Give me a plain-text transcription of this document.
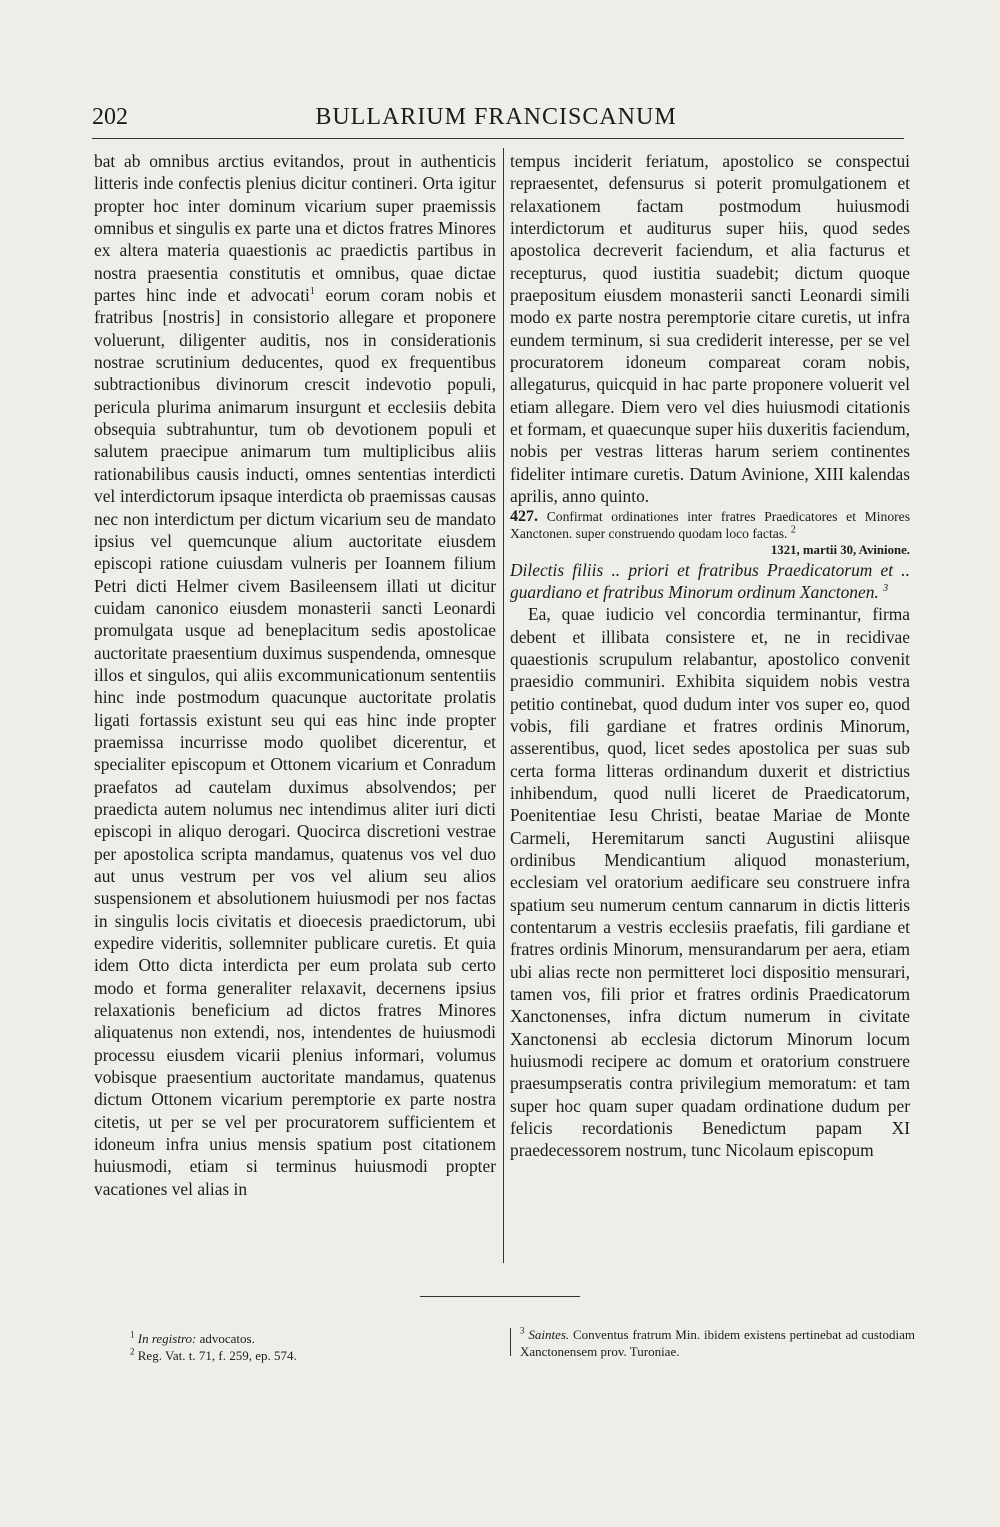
202	BULLARIUM FRANCISCANUM

bat ab omnibus arctius evitandos, prout in authenticis litteris inde confectis plenius dicitur contineri. Orta igitur propter hoc inter dominum vicarium super praemissis omnibus et singulis ex parte una et dictos fratres Minores ex altera materia quaestionis ac praedictis partibus in nostra praesentia constitutis et omnibus, quae dictae partes hinc inde et advocati$^1$ eorum coram nobis et fratribus [nostris] in consistorio allegare et proponere voluerunt, diligenter auditis, nos in considerationis nostrae scrutinium deducentes, quod ex frequentibus subtractionibus divinorum crescit indevotio populi, pericula plurima animarum insurgunt et ecclesiis debita obsequia subtrahuntur, tum ob devotionem populi et salutem praecipue animarum tum multiplicibus aliis rationabilibus causis inducti, omnes sententias interdicti vel interdictorum ipsaque interdicta ob praemissas causas nec non interdictum per dictum vicarium seu de mandato ipsius vel quemcunque alium auctoritate eiusdem episcopi ratione cuiusdam vulneris per Ioannem filium Petri dicti Helmer civem Basileensem illati ut dicitur cuidam canonico eiusdem monasterii sancti Leonardi promulgata usque ad beneplacitum sedis apostolicae auctoritate praesentium duximus suspendenda, omnesque illos et singulos, qui aliis excommunicationum sententiis hinc inde postmodum quacunque auctoritate prolatis ligati fortassis existunt seu qui eas hinc inde propter praemissa incurrisse modo quolibet dicerentur, et specialiter episcopum et Ottonem vicarium et Conradum praefatos ad cautelam duximus absolvendos; per praedicta autem nolumus nec intendimus aliter iuri dicti episcopi in aliquo derogari. Quocirca discretioni vestrae per apostolica scripta mandamus, quatenus vos vel duo aut unus vestrum per vos vel alium seu alios suspensionem et absolutionem huiusmodi per nos factas in singulis locis civitatis et dioecesis praedictorum, ubi expedire videritis, sollemniter publicare curetis. Et quia idem Otto dicta interdicta per eum prolata sub certo modo et forma generaliter relaxavit, decernens ipsius relaxationis beneficium ad dictos fratres Minores aliquatenus non extendi, nos, intendentes de huiusmodi processu eiusdem vicarii plenius informari, volumus vobisque praesentium auctoritate mandamus, quatenus dictum Ottonem vicarium peremptorie ex parte nostra citetis, ut per se vel per procuratorem sufficientem et idoneum infra unius mensis spatium post citationem huiusmodi, etiam si terminus huiusmodi propter vacationes vel alias in

tempus inciderit feriatum, apostolico se conspectui repraesentet, defensurus si poterit promulgationem et relaxationem factam postmodum huiusmodi interdictorum et auditurus super hiis, quod sedes apostolica decreverit faciendum, et alia facturus et recepturus, quod iustitia suadebit; dictum quoque praepositum eiusdem monasterii sancti Leonardi simili modo ex parte nostra peremptorie citare curetis, ut infra eundem terminum, si sua crediderit interesse, per se vel procuratorem idoneum compareat coram nobis, allegaturus, quicquid in hac parte proponere voluerit vel etiam allegare. Diem vero vel dies huiusmodi citationis et formam, et quaecunque super hiis duxeritis faciendum, nobis per vestras litteras harum seriem continentes fideliter intimare curetis. Datum Avinione, XIII kalendas aprilis, anno quinto.

427. Confirmat ordinationes inter fratres Praedicatores et Minores Xanctonen. super construendo quodam loco factas. $^2$

1321, martii 30, Avinione.

Dilectis filiis .. priori et fratribus Praedicatorum et .. guardiano et fratribus Minorum ordinum Xanctonen. $^3$

Ea, quae iudicio vel concordia terminantur, firma debent et illibata consistere et, ne in recidivae quaestionis scrupulum relabantur, apostolico convenit praesidio communiri. Exhibita siquidem nobis vestra petitio continebat, quod dudum inter vos super eo, quod vobis, fili gardiane et fratres ordinis Minorum, asserentibus, quod, licet sedes apostolica per suas sub certa forma litteras ordinandum duxerit et districtius inhibendum, quod nulli liceret de Praedicatorum, Poenitentiae Iesu Christi, beatae Mariae de Monte Carmeli, Heremitarum sancti Augustini aliisque ordinibus Mendicantium aliquod monasterium, ecclesiam vel oratorium aedificare seu construere infra spatium seu numerum centum cannarum in dictis litteris contentarum a vestris ecclesiis praefatis, fili gardiane et fratres ordinis Minorum, mensurandarum per aera, etiam ubi alias recte non permitteret loci dispositio mensurari, tamen vos, fili prior et fratres ordinis Praedicatorum Xanctonenses, infra dictum numerum in civitate Xanctonensi ab ecclesia dictorum Minorum locum huiusmodi recipere ac domum et oratorium construere praesumpseratis contra privilegium memoratum: et tam super hoc quam super quadam ordinatione dudum per felicis recordationis Benedictum papam XI praedecessorem nostrum, tunc Nicolaum episcopum

$^1$ In registro: advocatos.

$^2$ Reg. Vat. t. 71, f. 259, ep. 574.

$^3$ Saintes. Conventus fratrum Min. ibidem existens pertinebat ad custodiam Xanctonensem prov. Turoniae.
